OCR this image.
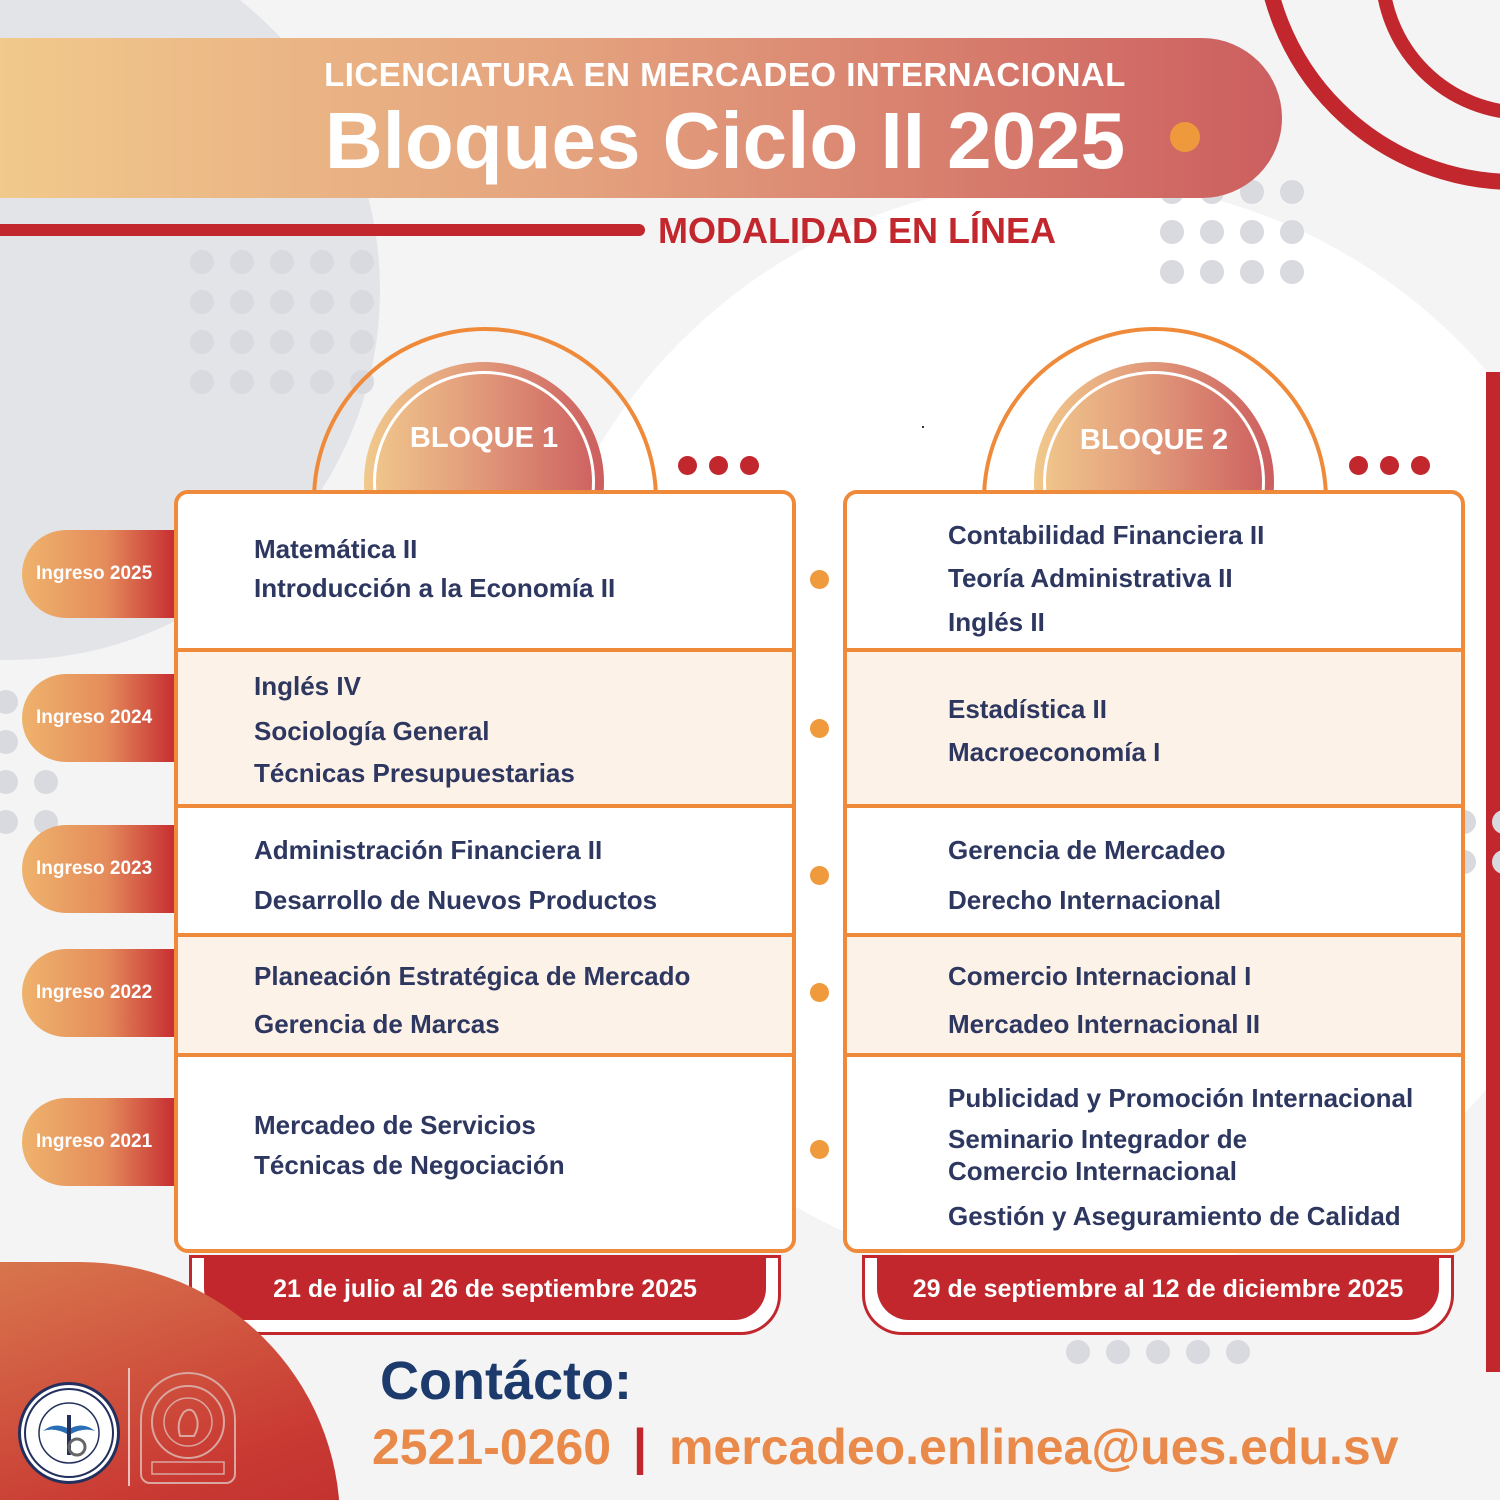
LICENCIATURA EN MERCADEO INTERNACIONAL
Bloques Ciclo II 2025
MODALIDAD EN LÍNEA
BLOQUE 1	BLOQUE 2
Ingreso 2025
Ingreso 2024
Ingreso 2023
Ingreso 2022
Ingreso 2021
Matemática II
Introducción a la Economía II
Inglés IV
Sociología General
Técnicas Presupuestarias
Administración Financiera II
Desarrollo de Nuevos Productos
Planeación Estratégica de Mercado
Gerencia de Marcas
Mercadeo de Servicios
Técnicas de Negociación
Contabilidad Financiera II
Teoría Administrativa II
Inglés II
Estadística II
Macroeconomía I
Gerencia de Mercadeo
Derecho Internacional
Comercio Internacional I
Mercadeo Internacional II
Publicidad y Promoción Internacional
Seminario Integrador de
Comercio Internacional
Gestión y Aseguramiento de Calidad
21 de julio al 26 de septiembre 2025	29 de septiembre al 12 de diciembre 2025
Contácto:
2521-0260 | mercadeo.enlinea@ues.edu.sv
